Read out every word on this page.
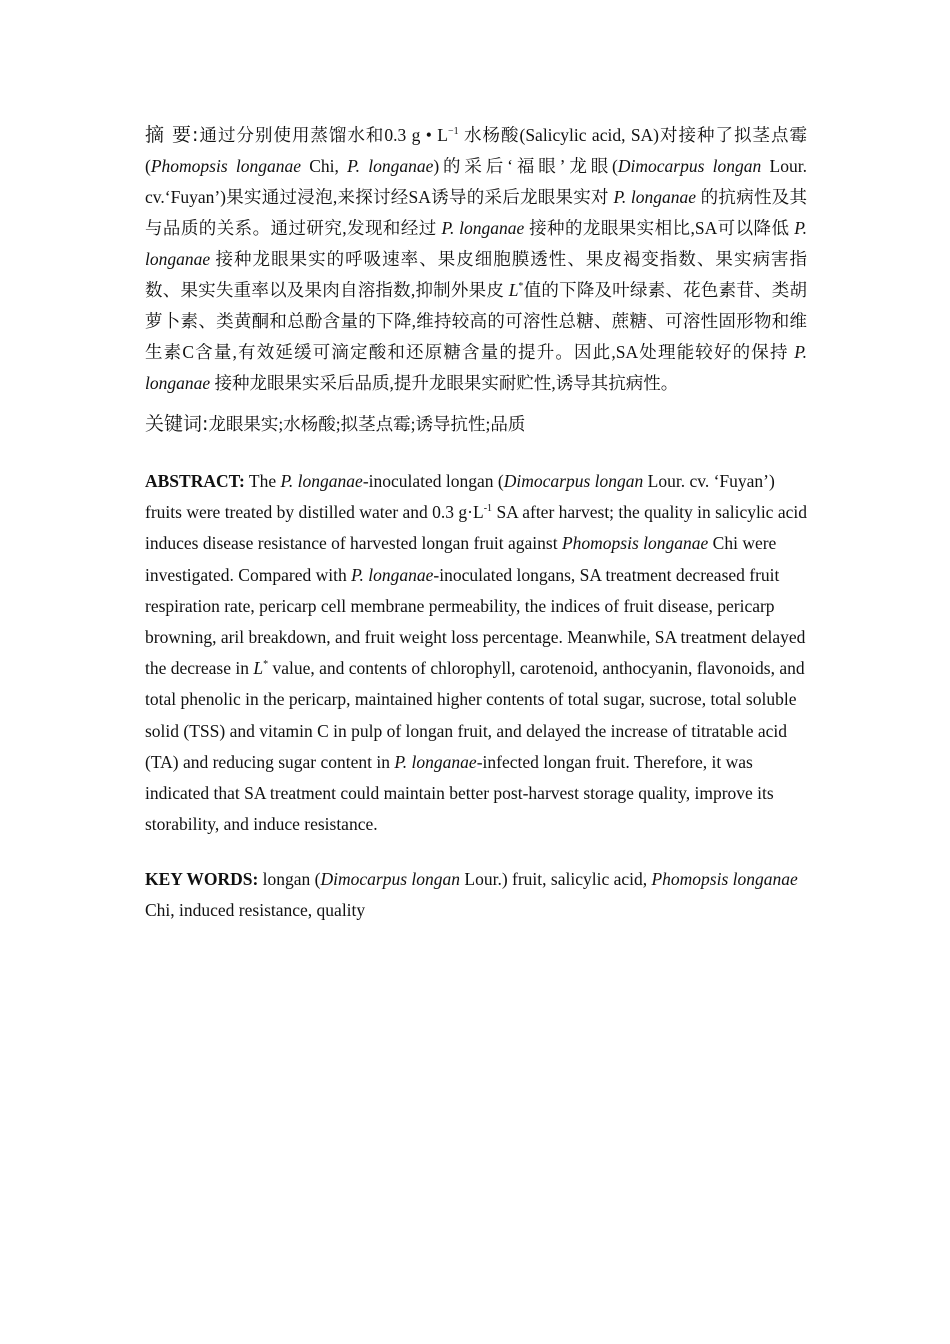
摘 要:通过分别使用蒸馏水和0.3 g • $L^{-1}$ 水杨酸(Salicylic acid, SA)对接种了拟茎点霉(Phomopsis longanae Chi, P. longanae)的采后‘福眼’龙眼(Dimocarpus longan Lour. cv.‘Fuyan’)果实通过浸泡,来探讨经SA诱导的采后龙眼果实对 P. longanae 的抗病性及其与品质的关系。通过研究,发现和经过 P. longanae 接种的龙眼果实相比,SA可以降低 P. longanae 接种龙眼果实的呼吸速率、果皮细胞膜透性、果皮褐变指数、果实病害指数、果实失重率以及果肉自溶指数,抑制外果皮 L*值的下降及叶绿素、花色素苷、类胡萝卜素、类黄酮和总酚含量的下降,维持较高的可溶性总糖、蔗糖、可溶性固形物和维生素C含量,有效延缓可滴定酸和还原糖含量的提升。因此,SA处理能较好的保持 P. longanae 接种龙眼果实采后品质,提升龙眼果实耐贮性,诱导其抗病性。

关键词:龙眼果实;水杨酸;拟茎点霉;诱导抗性;品质
ABSTRACT: The P. longanae-inoculated longan (Dimocarpus longan Lour. cv. ‘Fuyan’) fruits were treated by distilled water and 0.3 $g\cdot L^{-1}$ SA after harvest; the quality in salicylic acid induces disease resistance of harvested longan fruit against Phomopsis longanae Chi were investigated. Compared with P. longanae-inoculated longans, SA treatment decreased fruit respiration rate, pericarp cell membrane permeability, the indices of fruit disease, pericarp browning, aril breakdown, and fruit weight loss percentage. Meanwhile, SA treatment delayed the decrease in L* value, and contents of chlorophyll, carotenoid, anthocyanin, flavonoids, and total phenolic in the pericarp, maintained higher contents of total sugar, sucrose, total soluble solid (TSS) and vitamin C in pulp of longan fruit, and delayed the increase of titratable acid (TA) and reducing sugar content in P. longanae-infected longan fruit. Therefore, it was indicated that SA treatment could maintain better post-harvest storage quality, improve its storability, and induce resistance.
KEY WORDS: longan (Dimocarpus longan Lour.) fruit, salicylic acid, Phomopsis longanae Chi, induced resistance, quality
